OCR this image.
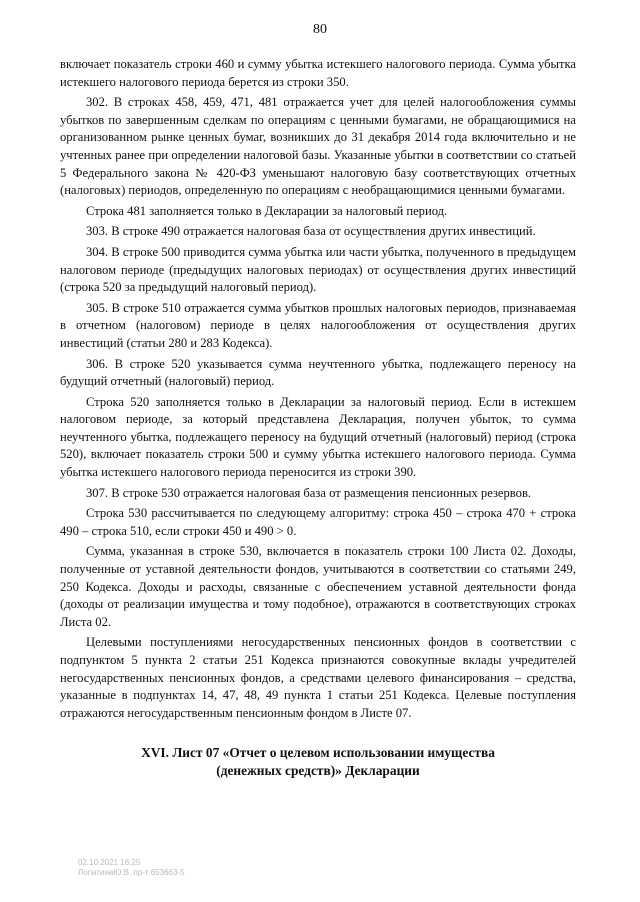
80

включает показатель строки 460 и сумму убытка истекшего налогового периода. Сумма убытка истекшего налогового периода берется из строки 350.

302. В строках 458, 459, 471, 481 отражается учет для целей налогообложения суммы убытков по завершенным сделкам по операциям с ценными бумагами, не обращающимися на организованном рынке ценных бумаг, возникших до 31 декабря 2014 года включительно и не учтенных ранее при определении налоговой базы. Указанные убытки в соответствии со статьей 5 Федерального закона № 420-ФЗ уменьшают налоговую базу соответствующих отчетных (налоговых) периодов, определенную по операциям с необращающимися ценными бумагами.

Строка 481 заполняется только в Декларации за налоговый период.

303. В строке 490 отражается налоговая база от осуществления других инвестиций.

304. В строке 500 приводится сумма убытка или части убытка, полученного в предыдущем налоговом периоде (предыдущих налоговых периодах) от осуществления других инвестиций (строка 520 за предыдущий налоговый период).

305. В строке 510 отражается сумма убытков прошлых налоговых периодов, признаваемая в отчетном (налоговом) периоде в целях налогообложения от осуществления других инвестиций (статьи 280 и 283 Кодекса).

306. В строке 520 указывается сумма неучтенного убытка, подлежащего переносу на будущий отчетный (налоговый) период.

Строка 520 заполняется только в Декларации за налоговый период. Если в истекшем налоговом периоде, за который представлена Декларация, получен убыток, то сумма неучтенного убытка, подлежащего переносу на будущий отчетный (налоговый) период (строка 520), включает показатель строки 500 и сумму убытка истекшего налогового периода. Сумма убытка истекшего налогового периода переносится из строки 390.

307. В строке 530 отражается налоговая база от размещения пенсионных резервов.

Строка 530 рассчитывается по следующему алгоритму: строка 450 – строка 470 + строка 490 – строка 510, если строки 450 и 490 > 0.

Сумма, указанная в строке 530, включается в показатель строки 100 Листа 02. Доходы, полученные от уставной деятельности фондов, учитываются в соответствии со статьями 249, 250 Кодекса. Доходы и расходы, связанные с обеспечением уставной деятельности фонда (доходы от реализации имущества и тому подобное), отражаются в соответствующих строках Листа 02.

Целевыми поступлениями негосударственных пенсионных фондов в соответствии с подпунктом 5 пункта 2 статьи 251 Кодекса признаются совокупные вклады учредителей негосударственных пенсионных фондов, а средствами целевого финансирования – средства, указанные в подпунктах 14, 47, 48, 49 пункта 1 статьи 251 Кодекса. Целевые поступления отражаются негосударственным пенсионным фондом в Листе 07.

XVI. Лист 07 «Отчет о целевом использовании имущества
(денежных средств)» Декларации
02.10.2021 16:25
ЛопатинаЮ.В. пр-т 653663-5
